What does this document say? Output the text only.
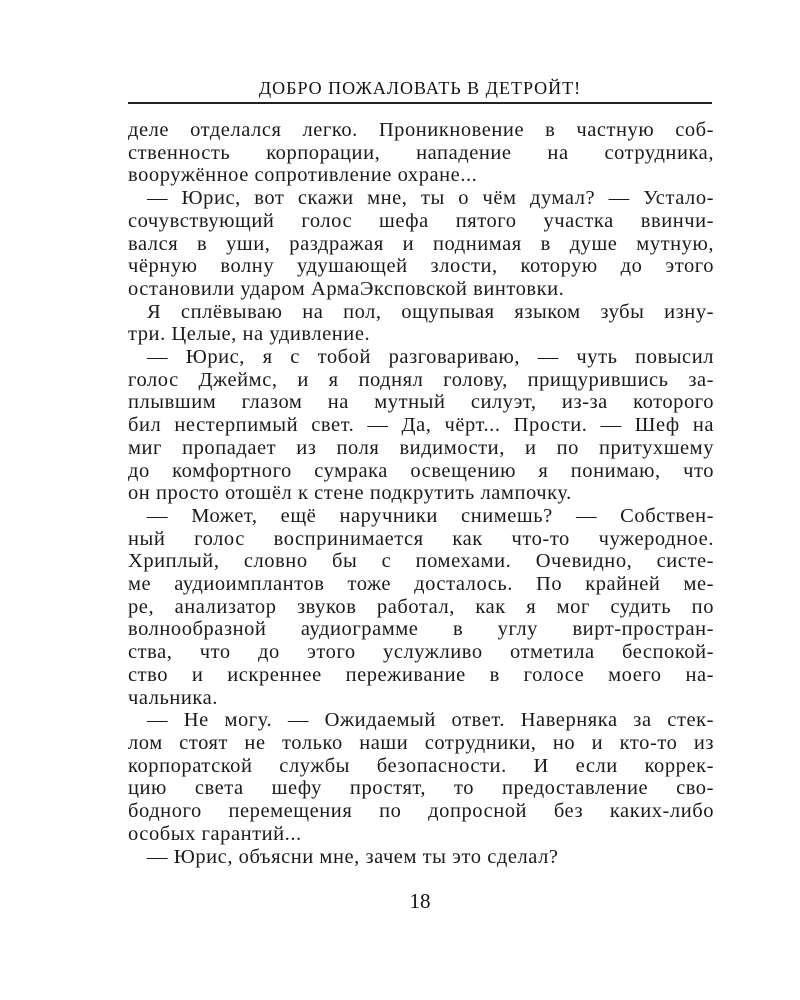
ДОБРО ПОЖАЛОВАТЬ В ДЕТРОЙТ!

деле отделался легко. Проникновение в частную соб-
ственность корпорации, нападение на сотрудника,
вооружённое сопротивление охране...

— Юрис, вот скажи мне, ты о чём думал? — Устало-
сочувствующий голос шефа пятого участка ввинчи-
вался в уши, раздражая и поднимая в душе мутную,
чёрную волну удушающей злости, которую до этого
остановили ударом АрмаЭксповской винтовки.

Я сплёвываю на пол, ощупывая языком зубы изну-
три. Целые, на удивление.

— Юрис, я с тобой разговариваю, — чуть повысил
голос Джеймс, и я поднял голову, прищурившись за-
плывшим глазом на мутный силуэт, из-за которого
бил нестерпимый свет. — Да, чёрт... Прости. — Шеф на
миг пропадает из поля видимости, и по притухшему
до комфортного сумрака освещению я понимаю, что
он просто отошёл к стене подкрутить лампочку.

— Может, ещё наручники снимешь? — Собствен-
ный голос воспринимается как что-то чужеродное.
Хриплый, словно бы с помехами. Очевидно, систе-
ме аудиоимплантов тоже досталось. По крайней ме-
ре, анализатор звуков работал, как я мог судить по
волнообразной аудиограмме в углу вирт-простран-
ства, что до этого услужливо отметила беспокой-
ство и искреннее переживание в голосе моего на-
чальника.

— Не могу. — Ожидаемый ответ. Наверняка за стек-
лом стоят не только наши сотрудники, но и кто-то из
корпоратской службы безопасности. И если коррек-
цию света шефу простят, то предоставление сво-
бодного перемещения по допросной без каких-либо
особых гарантий...

— Юрис, объясни мне, зачем ты это сделал?

18
